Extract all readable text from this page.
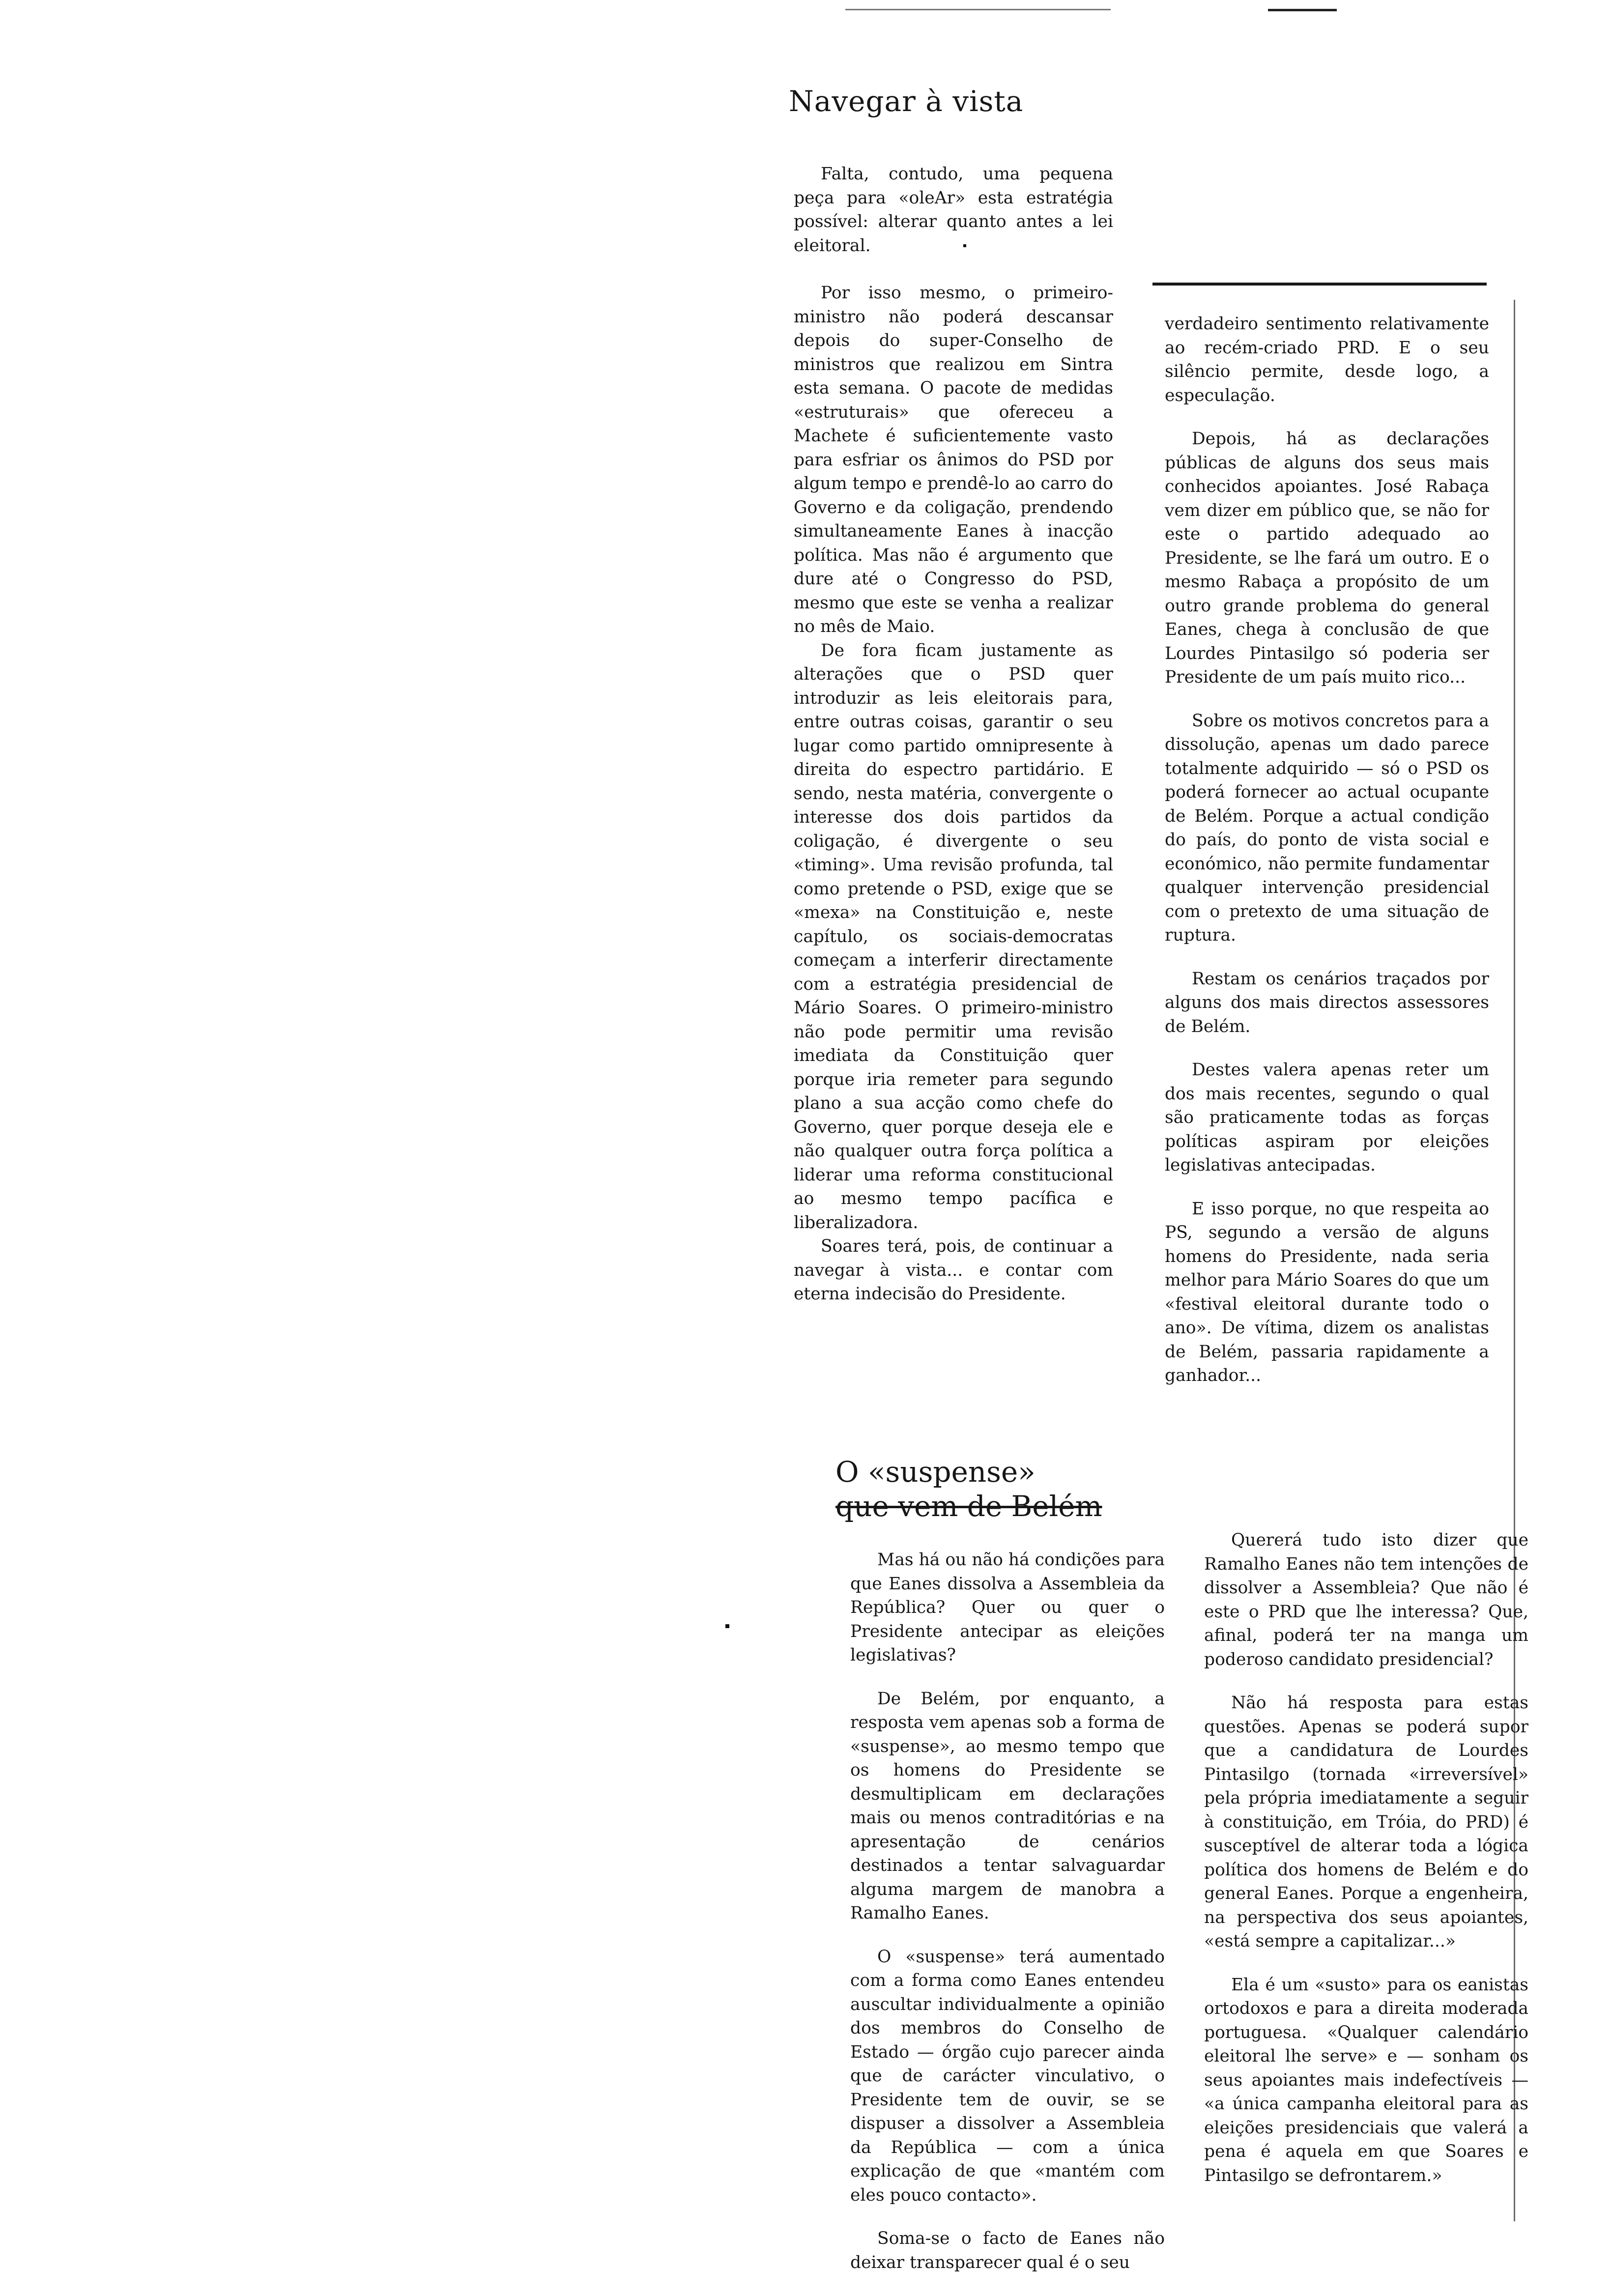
Navegar à vista

Falta, contudo, uma pequena peça para «oleAr» esta estratégia possível: alterar quanto antes a lei eleitoral.

Por isso mesmo, o primeiro-ministro não poderá descansar depois do super-Conselho de ministros que realizou em Sintra esta semana. O pacote de medidas «estruturais» que ofereceu a Machete é suficientemente vasto para esfriar os ânimos do PSD por algum tempo e prendê-lo ao carro do Governo e da coligação, prendendo simultaneamente Eanes à inacção política. Mas não é argumento que dure até o Congresso do PSD, mesmo que este se venha a realizar no mês de Maio.

De fora ficam justamente as alterações que o PSD quer introduzir as leis eleitorais para, entre outras coisas, garantir o seu lugar como partido omnipresente à direita do espectro partidário. E sendo, nesta matéria, convergente o interesse dos dois partidos da coligação, é divergente o seu «timing». Uma revisão profunda, tal como pretende o PSD, exige que se «mexa» na Constituição e, neste capítulo, os sociais-democratas começam a interferir directamente com a estratégia presidencial de Mário Soares. O primeiro-ministro não pode permitir uma revisão imediata da Constituição quer porque iria remeter para segundo plano a sua acção como chefe do Governo, quer porque deseja ele e não qualquer outra força política a liderar uma reforma constitucional ao mesmo tempo pacífica e liberalizadora.

Soares terá, pois, de continuar a navegar à vista... e contar com eterna indecisão do Presidente.

verdadeiro sentimento relativamente ao recém-criado PRD. E o seu silêncio permite, desde logo, a especulação.

Depois, há as declarações públicas de alguns dos seus mais conhecidos apoiantes. José Rabaça vem dizer em público que, se não for este o partido adequado ao Presidente, se lhe fará um outro. E o mesmo Rabaça a propósito de um outro grande problema do general Eanes, chega à conclusão de que Lourdes Pintasilgo só poderia ser Presidente de um país muito rico...

Sobre os motivos concretos para a dissolução, apenas um dado parece totalmente adquirido — só o PSD os poderá fornecer ao actual ocupante de Belém. Porque a actual condição do país, do ponto de vista social e económico, não permite fundamentar qualquer intervenção presidencial com o pretexto de uma situação de ruptura.

Restam os cenários traçados por alguns dos mais directos assessores de Belém.

Destes valera apenas reter um dos mais recentes, segundo o qual são praticamente todas as forças políticas aspiram por eleições legislativas antecipadas.

E isso porque, no que respeita ao PS, segundo a versão de alguns homens do Presidente, nada seria melhor para Mário Soares do que um «festival eleitoral durante todo o ano». De vítima, dizem os analistas de Belém, passaria rapidamente a ganhador...

O «suspense»
que vem de Belém

Mas há ou não há condições para que Eanes dissolva a Assembleia da República? Quer ou quer o Presidente antecipar as eleições legislativas?

De Belém, por enquanto, a resposta vem apenas sob a forma de «suspense», ao mesmo tempo que os homens do Presidente se desmultiplicam em declarações mais ou menos contraditórias e na apresentação de cenários destinados a tentar salvaguardar alguma margem de manobra a Ramalho Eanes.

O «suspense» terá aumentado com a forma como Eanes entendeu auscultar individualmente a opinião dos membros do Conselho de Estado — órgão cujo parecer ainda que de carácter vinculativo, o Presidente tem de ouvir, se se dispuser a dissolver a Assembleia da República — com a única explicação de que «mantém com eles pouco contacto».

Soma-se o facto de Eanes não deixar transparecer qual é o seu

Quererá tudo isto dizer que Ramalho Eanes não tem intenções de dissolver a Assembleia? Que não é este o PRD que lhe interessa? Que, afinal, poderá ter na manga um poderoso candidato presidencial?

Não há resposta para estas questões. Apenas se poderá supor que a candidatura de Lourdes Pintasilgo (tornada «irreversível» pela própria imediatamente a seguir à constituição, em Tróia, do PRD) é susceptível de alterar toda a lógica política dos homens de Belém e do general Eanes. Porque a engenheira, na perspectiva dos seus apoiantes, «está sempre a capitalizar...»

Ela é um «susto» para os eanistas ortodoxos e para a direita moderada portuguesa. «Qualquer calendário eleitoral lhe serve» e — sonham os seus apoiantes mais indefectíveis — «a única campanha eleitoral para as eleições presidenciais que valerá a pena é aquela em que Soares e Pintasilgo se defrontarem.»
